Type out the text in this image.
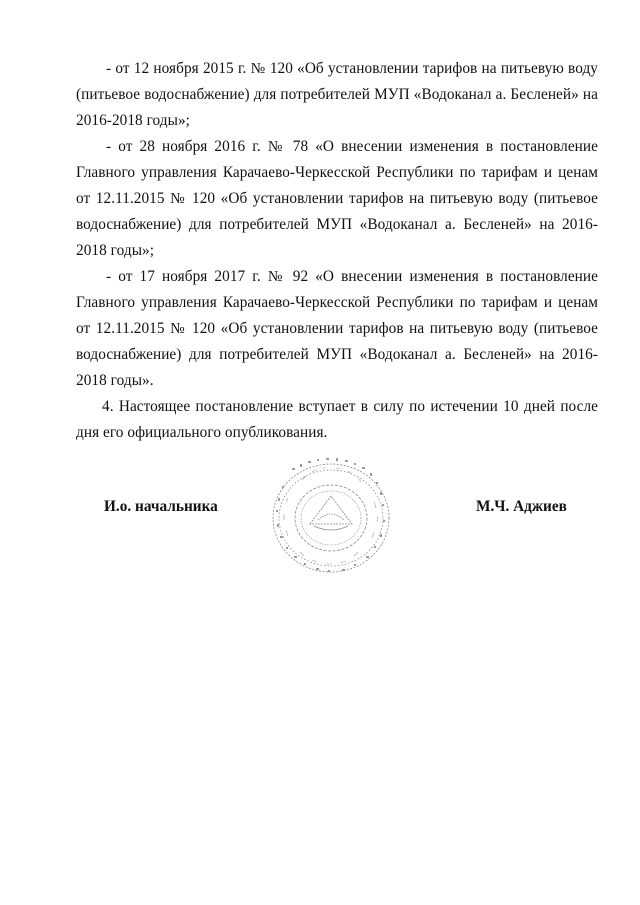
- от 12 ноября 2015 г. № 120 «Об установлении тарифов на питьевую воду (питьевое водоснабжение) для потребителей МУП «Водоканал а. Бесленей» на 2016-2018 годы»;

- от 28 ноября 2016 г. № 78 «О внесении изменения в постановление Главного управления Карачаево-Черкесской Республики по тарифам и ценам от 12.11.2015 № 120 «Об установлении тарифов на питьевую воду (питьевое водоснабжение) для потребителей МУП «Водоканал а. Бесленей» на 2016-2018 годы»;

- от 17 ноября 2017 г. № 92 «О внесении изменения в постановление Главного управления Карачаево-Черкесской Республики по тарифам и ценам от 12.11.2015 № 120 «Об установлении тарифов на питьевую воду (питьевое водоснабжение) для потребителей МУП «Водоканал а. Бесленей» на 2016-2018 годы».

4. Настоящее постановление вступает в силу по истечении 10 дней после дня его официального опубликования.

И.о. начальника	М.Ч. Аджиев
